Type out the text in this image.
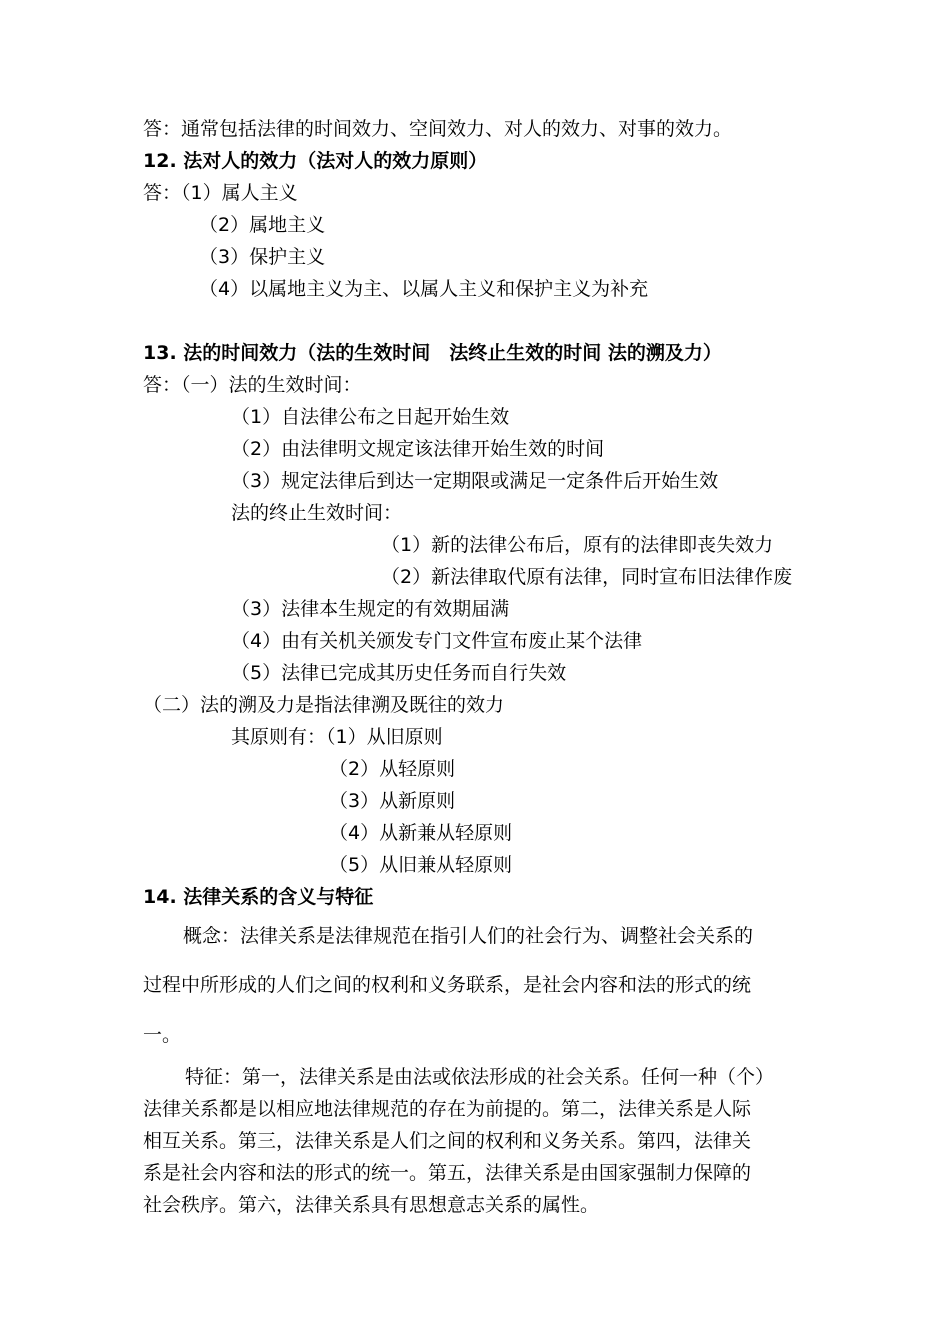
答：通常包括法律的时间效力、空间效力、对人的效力、对事的效力。
12. 法对人的效力（法对人的效力原则）
答：（1）属人主义
（2）属地主义
（3）保护主义
（4）以属地主义为主、以属人主义和保护主义为补充
13. 法的时间效力（法的生效时间　法终止生效的时间 法的溯及力）
答：（一）法的生效时间：
（1）自法律公布之日起开始生效
（2）由法律明文规定该法律开始生效的时间
（3）规定法律后到达一定期限或满足一定条件后开始生效
法的终止生效时间：
（1）新的法律公布后，原有的法律即丧失效力
（2）新法律取代原有法律，同时宣布旧法律作废
（3）法律本生规定的有效期届满
（4）由有关机关颁发专门文件宣布废止某个法律
（5）法律已完成其历史任务而自行失效
（二）法的溯及力是指法律溯及既往的效力
其原则有：（1）从旧原则
（2）从轻原则
（3）从新原则
（4）从新兼从轻原则
（5）从旧兼从轻原则
14. 法律关系的含义与特征
概念：法律关系是法律规范在指引人们的社会行为、调整社会关系的
过程中所形成的人们之间的权利和义务联系，是社会内容和法的形式的统
一。
特征：第一，法律关系是由法或依法形成的社会关系。任何一种（个）
法律关系都是以相应地法律规范的存在为前提的。第二，法律关系是人际
相互关系。第三，法律关系是人们之间的权利和义务关系。第四，法律关
系是社会内容和法的形式的统一。第五，法律关系是由国家强制力保障的
社会秩序。第六，法律关系具有思想意志关系的属性。
